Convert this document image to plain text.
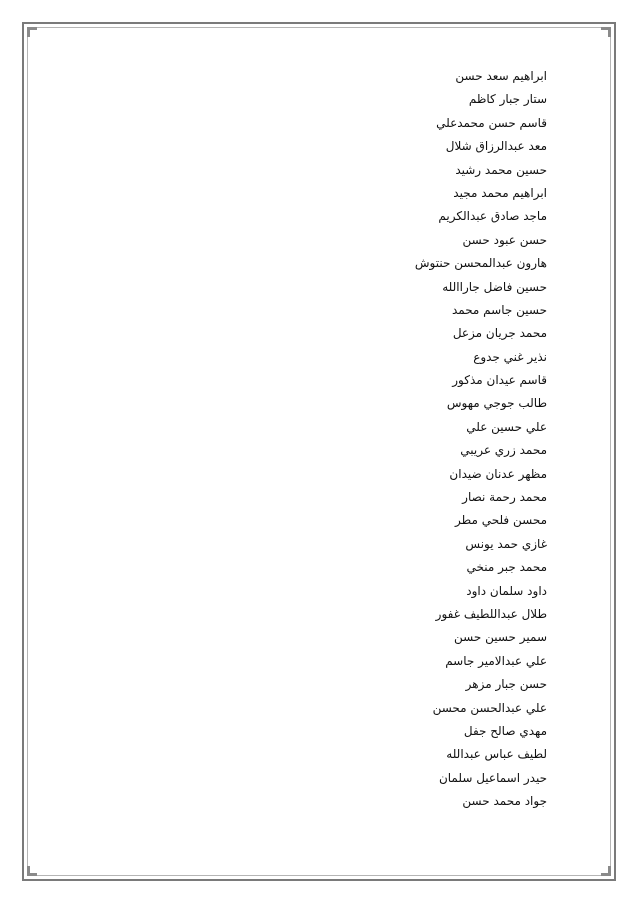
ابراهيم سعد حسن
ستار جبار كاظم
قاسم حسن محمدعلي
معد عبدالرزاق شلال
حسين محمد رشيد
ابراهيم محمد مجيد
ماجد صادق عبدالكريم
حسن عبود حسن
هارون عبدالمحسن حنتوش
حسين فاضل جاراالله
حسين جاسم محمد
محمد جريان مزعل
نذير غني جدوع
قاسم عيدان مذكور
طالب جوجي مهوس
علي حسين علي
محمد زري عريبي
مظهر عدنان ضيدان
محمد رحمة نصار
محسن فلحي مطر
غازي حمد يونس
محمد جبر منخي
داود سلمان داود
طلال عبداللطيف غفور
سمير حسين حسن
علي عبدالامير جاسم
حسن جبار مزهر
علي عبدالحسن محسن
مهدي صالح جفل
لطيف عباس عبدالله
حيدر اسماعيل سلمان
جواد محمد حسن
